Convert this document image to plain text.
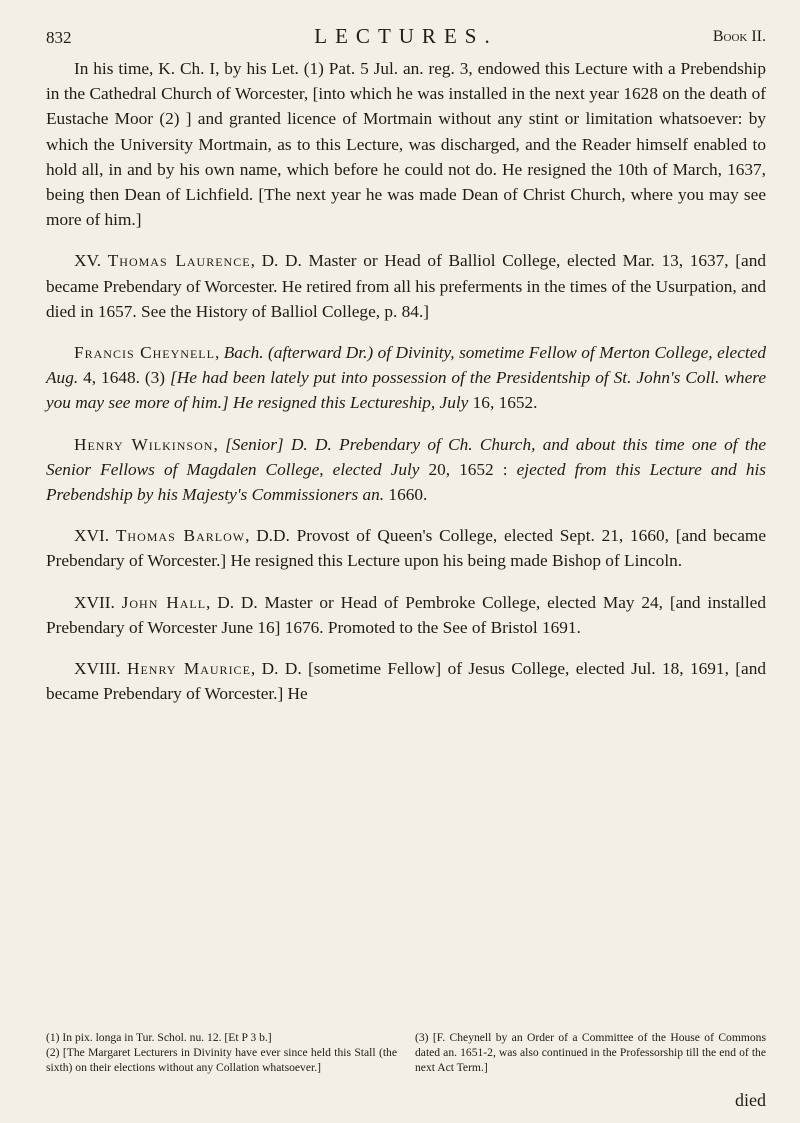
832	LECTURES.	Book II.

In his time, K. Ch. I, by his Let. (1) Pat. 5 Jul. an. reg. 3, endowed this Lecture with a Prebendship in the Cathedral Church of Worcester, [into which he was installed in the next year 1628 on the death of Eustache Moor (2) ] and granted licence of Mortmain without any stint or limitation whatsoever: by which the University Mortmain, as to this Lecture, was discharged, and the Reader himself enabled to hold all, in and by his own name, which before he could not do. He resigned the 10th of March, 1637, being then Dean of Lichfield. [The next year he was made Dean of Christ Church, where you may see more of him.]

XV. Thomas Laurence, D. D. Master or Head of Balliol College, elected Mar. 13, 1637, [and became Prebendary of Worcester. He retired from all his preferments in the times of the Usurpation, and died in 1657. See the History of Balliol College, p. 84.]

Francis Cheynell, Bach. (afterward Dr.) of Divinity, sometime Fellow of Merton College, elected Aug. 4, 1648. (3) [He had been lately put into possession of the Presidentship of St. John's Coll. where you may see more of him.] He resigned this Lectureship, July 16, 1652.

Henry Wilkinson, [Senior] D. D. Prebendary of Ch. Church, and about this time one of the Senior Fellows of Magdalen College, elected July 20, 1652 : ejected from this Lecture and his Prebendship by his Majesty's Commissioners an. 1660.

XVI. Thomas Barlow, D.D. Provost of Queen's College, elected Sept. 21, 1660, [and became Prebendary of Worcester.] He resigned this Lecture upon his being made Bishop of Lincoln.

XVII. John Hall, D. D. Master or Head of Pembroke College, elected May 24, [and installed Prebendary of Worcester June 16] 1676. Promoted to the See of Bristol 1691.

XVIII. Henry Maurice, D. D. [sometime Fellow] of Jesus College, elected Jul. 18, 1691, [and became Prebendary of Worcester.] He

(1) In pix. longa in Tur. Schol. nu. 12. [Et P 3 b.]

(2) [The Margaret Lecturers in Divinity have ever since held this Stall (the sixth) on their elections without any Collation whatsoever.]

(3) [F. Cheynell by an Order of a Committee of the House of Commons dated an. 1651-2, was also continued in the Professorship till the end of the next Act Term.]

died
